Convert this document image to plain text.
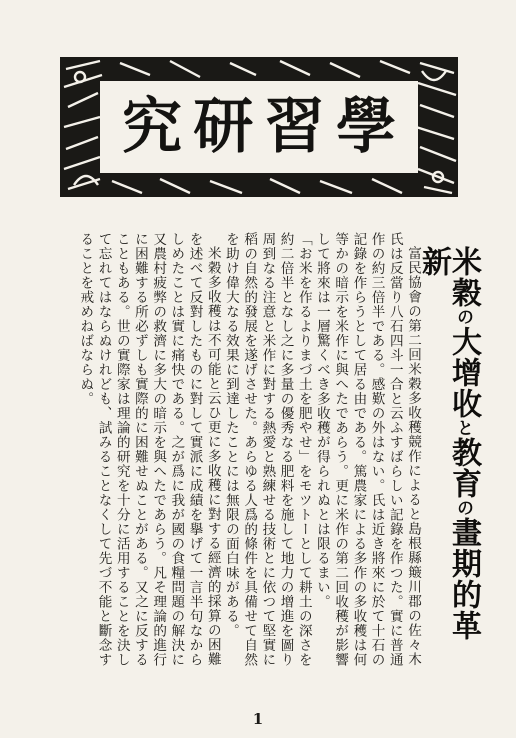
學
習
研
究
米穀の大增收と教育の畫期的革新

富民協會の第二回米穀多收穫競作によると島根縣簸川郡の佐々木氏は反當り八石四斗一合と云ふすばらしい記錄を作つた。實に普通作の約三倍半である。感歎の外はない。氏は近き將來に於て十石の記錄を作らうとして居る由である。篤農家による多作の多收穫は何等かの暗示を米作に與へたであらう。更に米作の第二回收穫が影響して將來は一層驚くべき多收穫が得られぬとは限るまい。

「お米を作るよりまづ土を肥やせ」をモツトーとして耕土の深さを約二倍半となし之に多量の優秀なる肥料を施して地力の增進を圖り周到なる注意と米作に對する熱愛と熟練せる技術とに依つて堅實に稻の自然的發展を遂げさせた。あらゆる人爲的條件を具備せて自然を助け偉大なる效果に到達したことには無限の面白味がある。

米穀多收穫は不可能と云ひ更に多收穫に對する經濟的採算の困難を述べて反對したものに對して實派に成績を擧げて一言半句なからしめたことは實に痛快である。之が爲に我が國の食糧問題の解決に又農村疲弊の救濟に多大の暗示を與へたであらう。凡そ理論的進行に困難する所必ずしも實際的に困難せぬことがある。又之に反することもある。世の實際家は理論的研究を十分に活用することを決して忘れてはならぬけれども、試みることなくして先づ不能と斷念することを戒めねばならぬ。

1
